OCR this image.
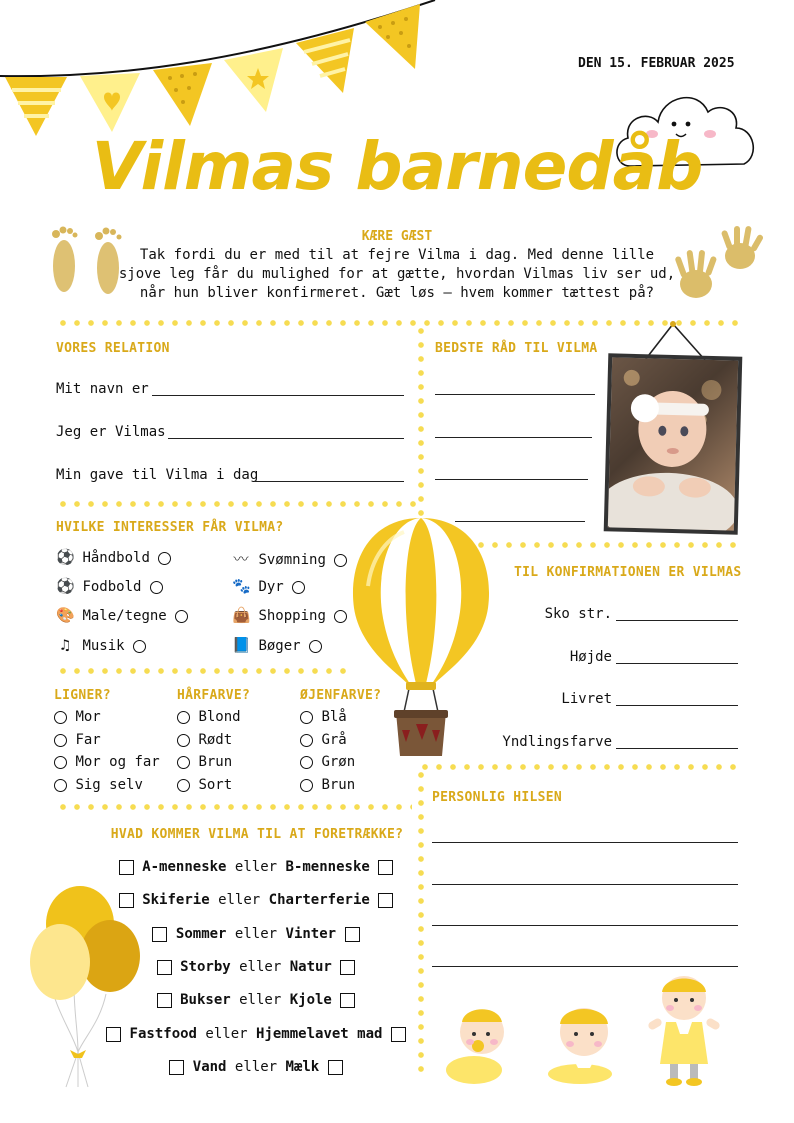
DEN 15. FEBRUAR 2025
Vilmas barnedåb
KÆRE GÆST
Tak fordi du er med til at fejre Vilma i dag. Med denne lille
sjove leg får du mulighed for at gætte, hvordan Vilmas liv ser ud,
når hun bliver konfirmeret. Gæt løs – hvem kommer tættest på?
VORES RELATION
Mit navn er
Jeg er Vilmas
Min gave til Vilma i dag
BEDSTE RÅD TIL VILMA
HVILKE INTERESSER FÅR VILMA?
⚽ Håndbold
⚽ Fodbold
🎨 Male/tegne
♫ Musik
〰 Svømning
🐾 Dyr
👜 Shopping
📘 Bøger
TIL KONFIRMATIONEN ER VILMAS
Sko str.
Højde
Livret
Yndlingsfarve
LIGNER?	HÅRFARVE?	ØJENFARVE?
Mor
Far
Mor og far
Sig selv
Blond
Rødt
Brun
Sort
Blå
Grå
Grøn
Brun
PERSONLIG HILSEN
HVAD KOMMER VILMA TIL AT FORETRÆKKE?
A-menneske eller B-menneske
Skiferie eller Charterferie
Sommer eller Vinter
Storby eller Natur
Bukser eller Kjole
Fastfood eller Hjemmelavet mad
Vand eller Mælk
